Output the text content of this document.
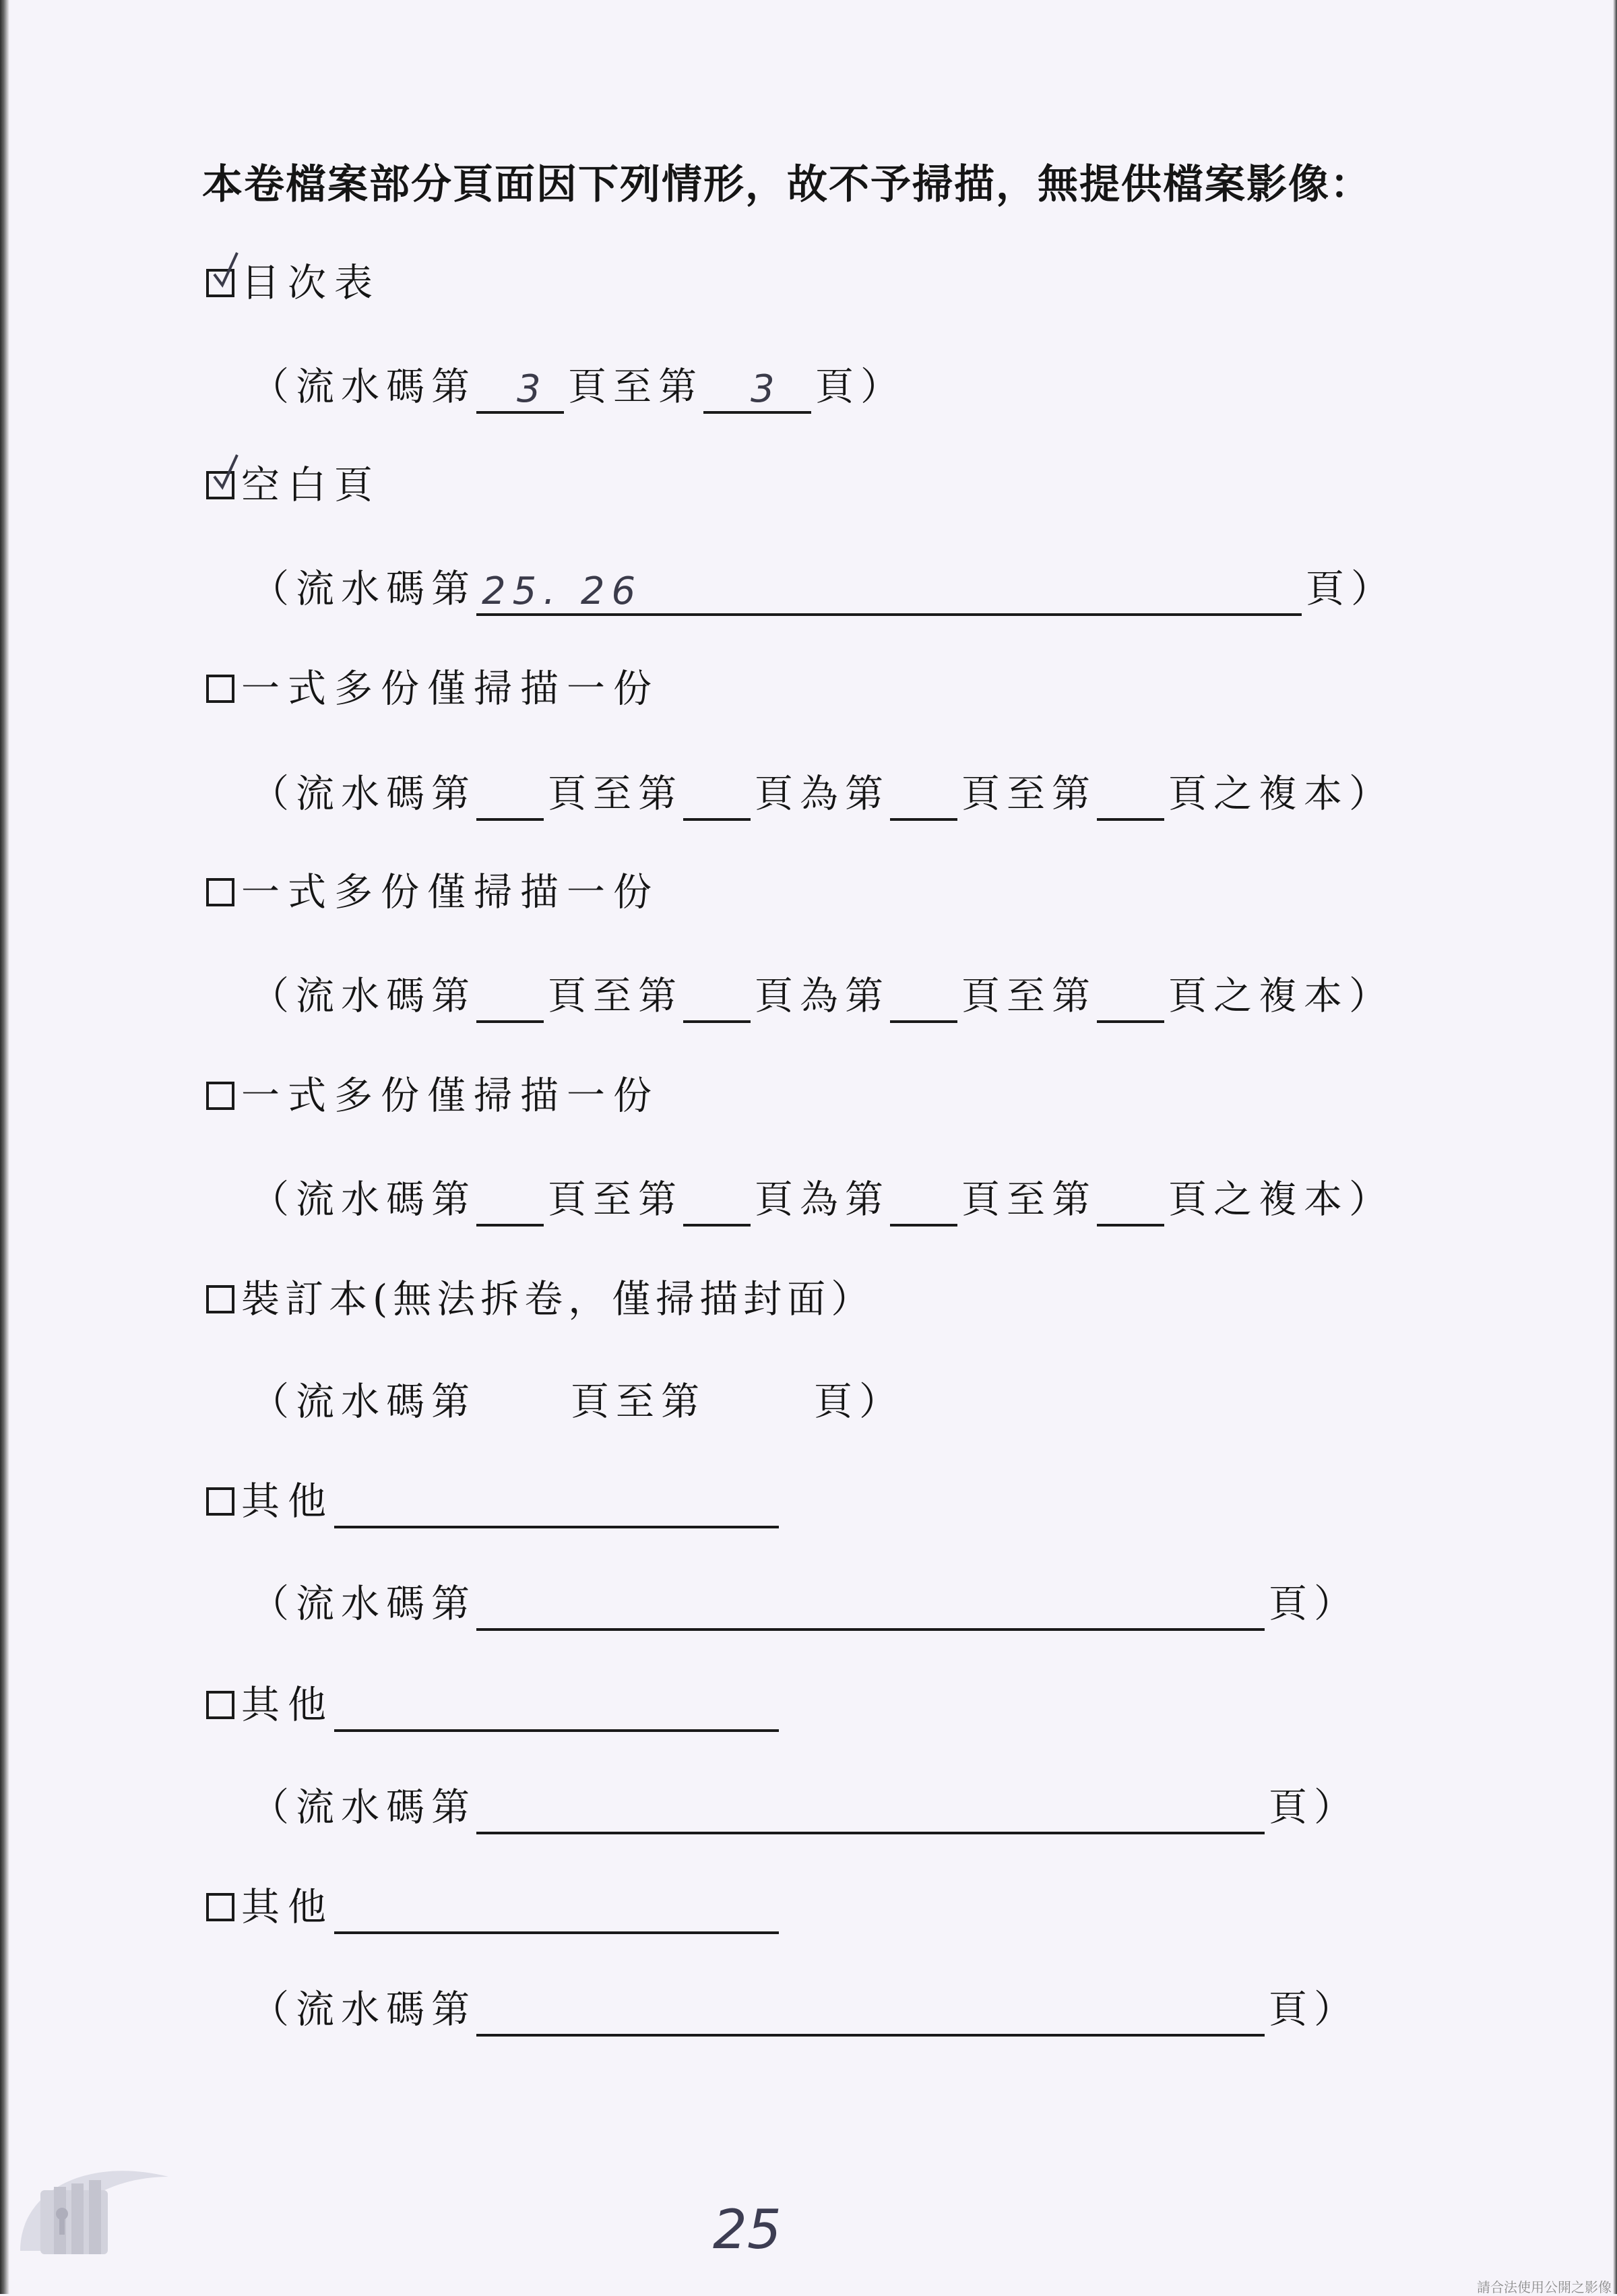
本卷檔案部分頁面因下列情形，故不予掃描，無提供檔案影像：
目次表
（流水碼第 3 頁至第 3 頁）
空白頁
（流水碼第 25. 26	頁）
一式多份僅掃描一份
（流水碼第 頁至第 頁為第 頁至第 頁之複本）
一式多份僅掃描一份
（流水碼第 頁至第 頁為第 頁至第 頁之複本）
一式多份僅掃描一份
（流水碼第 頁至第 頁為第 頁至第 頁之複本）
裝訂本(無法拆卷，僅掃描封面）
（流水碼第 頁至第	頁）
其他
（流水碼第	頁）
其他
（流水碼第	頁）
其他
（流水碼第	頁）
25
請合法使用公開之影像
